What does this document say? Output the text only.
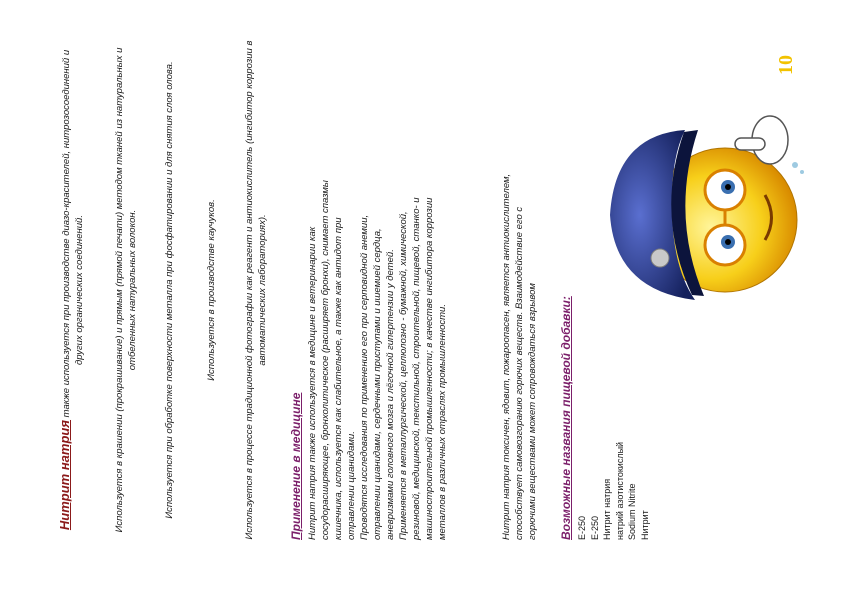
Нитрит натрия также используется при производстве диазо-красителей, нитрозосоединений и других органических соединений.	Используется в крашении (прокрашивание) и прямым (прямой печати) методом тканей из натуральных и отбеленных натуральных волокон.	Используется при обработке поверхности металла при фосфатировании и для снятия слоя олова.	Используется в производстве каучуков.	Используется в процессе традиционной фотографии как реагент и антиокислитель (ингибитор коррозии в автоматических лабораториях).
Применение в медицине Нитрит натрия также используется в медицине и ветеринарии как сосудорасширяющее, бронхолитическое (расширяет бронхи), снимает спазмы кишечника, используется как слабительное, а также как антидот при отравлении цианидами. Проводятся исследования по применению его при серповидной анемии, отравлении цианидами, сердечными приступами и ишемией сердца, аневризмами головного мозга и лёгочной гипертензии у детей. Применяется в металлургической, целлюлозно - бумажной, химической, резиновой, медицинской, текстильной, строительной, пищевой, станко- и машиностроительной промышленности; в качестве ингибитора коррозии металлов в различных отраслях промышленности.	Нитрит натрия токсичен, ядовит, пожароопасен, является антиокислителем, способствует самовозгоранию горючих веществ. Взаимодействие его с горючими веществами может сопровождаться взрывом Возможные названия пищевой добавки: E-250 E-250 Нитрит натрия натрий азотистокислый Sodium Nitrite Нитрит
10
